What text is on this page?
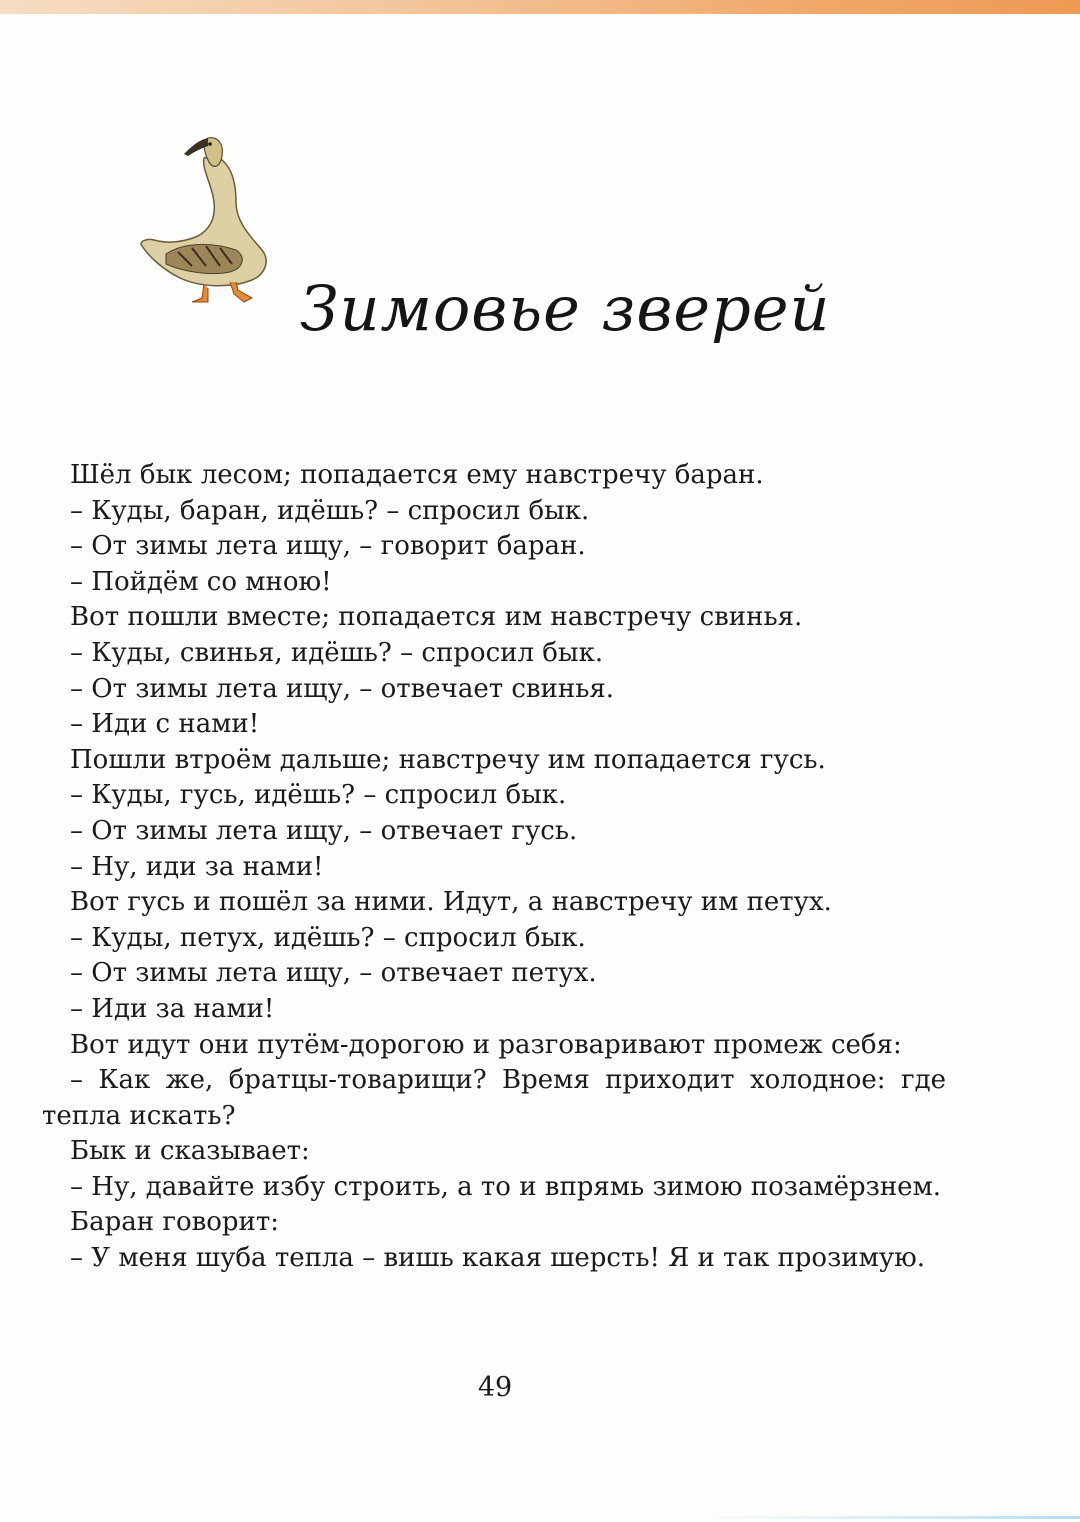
Зимовье зверей

Шёл бык лесом; попадается ему навстречу баран.

– Куды, баран, идёшь? – спросил бык.

– От зимы лета ищу, – говорит баран.

– Пойдём со мною!

Вот пошли вместе; попадается им навстречу свинья.

– Куды, свинья, идёшь? – спросил бык.

– От зимы лета ищу, – отвечает свинья.

– Иди с нами!

Пошли втроём дальше; навстречу им попадается гусь.

– Куды, гусь, идёшь? – спросил бык.

– От зимы лета ищу, – отвечает гусь.

– Ну, иди за нами!

Вот гусь и пошёл за ними. Идут, а навстречу им петух.

– Куды, петух, идёшь? – спросил бык.

– От зимы лета ищу, – отвечает петух.

– Иди за нами!

Вот идут они путём-дорогою и разговаривают промеж себя:

– Как же, братцы-товарищи? Время приходит холодное: где тепла искать?

Бык и сказывает:

– Ну, давайте избу строить, а то и впрямь зимою позамёрзнем.

Баран говорит:

– У меня шуба тепла – вишь какая шерсть! Я и так прозимую.

49
